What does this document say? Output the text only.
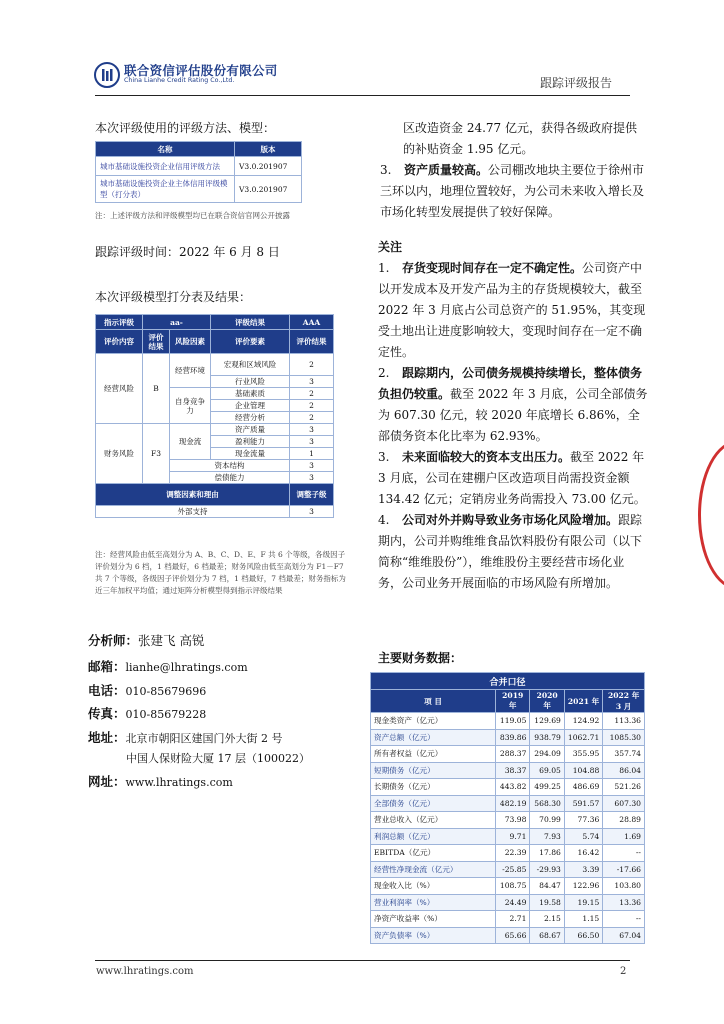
联合资信评估股份有限公司
China Lianhe Credit Rating Co.,Ltd.	跟踪评级报告
本次评级使用的评级方法、模型：
名称	版本
城市基础设施投资企业信用评级方法	V3.0.201907
城市基础设施投资企业主体信用评级模型（打分表）	V3.0.201907
注：上述评级方法和评级模型均已在联合资信官网公开披露
跟踪评级时间：2022 年 6 月 8 日
本次评级模型打分表及结果：
指示评级	aa-		评级结果	AAA
评价内容	评价结果	风险因素	评价要素	评价结果
经营风险	B	经营环境	宏观和区域风险	2
			行业风险	3
		自身竞争力	基础素质	2
			企业管理	2
			经营分析	2
财务风险	F3	现金流	资产质量	3
			盈利能力	3
			现金流量	1
		资本结构		3
		偿债能力		3
调整因素和理由				调整子级
外部支持				3
注：经营风险由低至高划分为 A、B、C、D、E、F 共 6 个等级，各级因子评价划分为 6 档，1 档最好，6 档最差；财务风险由低至高划分为 F1－F7 共 7 个等级，各级因子评价划分为 7 档，1 档最好，7 档最差；财务指标为近三年加权平均值；通过矩阵分析模型得到指示评级结果
分析师：张建飞 高锐
邮箱：lianhe@lhratings.com
电话：010-85679696
传真：010-85679228
地址：北京市朝阳区建国门外大街 2 号
中国人保财险大厦 17 层（100022）
网址：www.lhratings.com
区改造资金 24.77 亿元，获得各级政府提供
的补贴资金 1.95 亿元。
3. 资产质量较高。公司棚改地块主要位于徐州市三环以内，地理位置较好，为公司未来收入增长及市场化转型发展提供了较好保障。
关注
1. 存货变现时间存在一定不确定性。公司资产中以开发成本及开发产品为主的存货规模较大，截至 2022 年 3 月底占公司总资产的 51.95%，其变现受土地出让进度影响较大，变现时间存在一定不确定性。
2. 跟踪期内，公司债务规模持续增长，整体债务负担仍较重。截至 2022 年 3 月底，公司全部债务为 607.30 亿元，较 2020 年底增长 6.86%，全部债务资本化比率为 62.93%。
3. 未来面临较大的资本支出压力。截至 2022 年 3 月底，公司在建棚户区改造项目尚需投资金额 134.42 亿元；定销房业务尚需投入 73.00 亿元。
4. 公司对外并购导致业务市场化风险增加。跟踪期内，公司并购维维食品饮料股份有限公司（以下简称“维维股份”），维维股份主要经营市场化业务，公司业务开展面临的市场风险有所增加。
主要财务数据：
合并口径				
项 目	2019 年	2020 年	2021 年	2022 年 3 月
现金类资产（亿元）	119.05	129.69	124.92	113.36
资产总额（亿元）	839.86	938.79	1062.71	1085.30
所有者权益（亿元）	288.37	294.09	355.95	357.74
短期债务（亿元）	38.37	69.05	104.88	86.04
长期债务（亿元）	443.82	499.25	486.69	521.26
全部债务（亿元）	482.19	568.30	591.57	607.30
营业总收入（亿元）	73.98	70.99	77.36	28.89
利润总额（亿元）	9.71	7.93	5.74	1.69
EBITDA（亿元）	22.39	17.86	16.42	--
经营性净现金流（亿元）	-25.85	-29.93	3.39	-17.66
现金收入比（%）	108.75	84.47	122.96	103.80
营业利润率（%）	24.49	19.58	19.15	13.36
净资产收益率（%）	2.71	2.15	1.15	--
资产负债率（%）	65.66	68.67	66.50	67.04
www.lhratings.com	2
